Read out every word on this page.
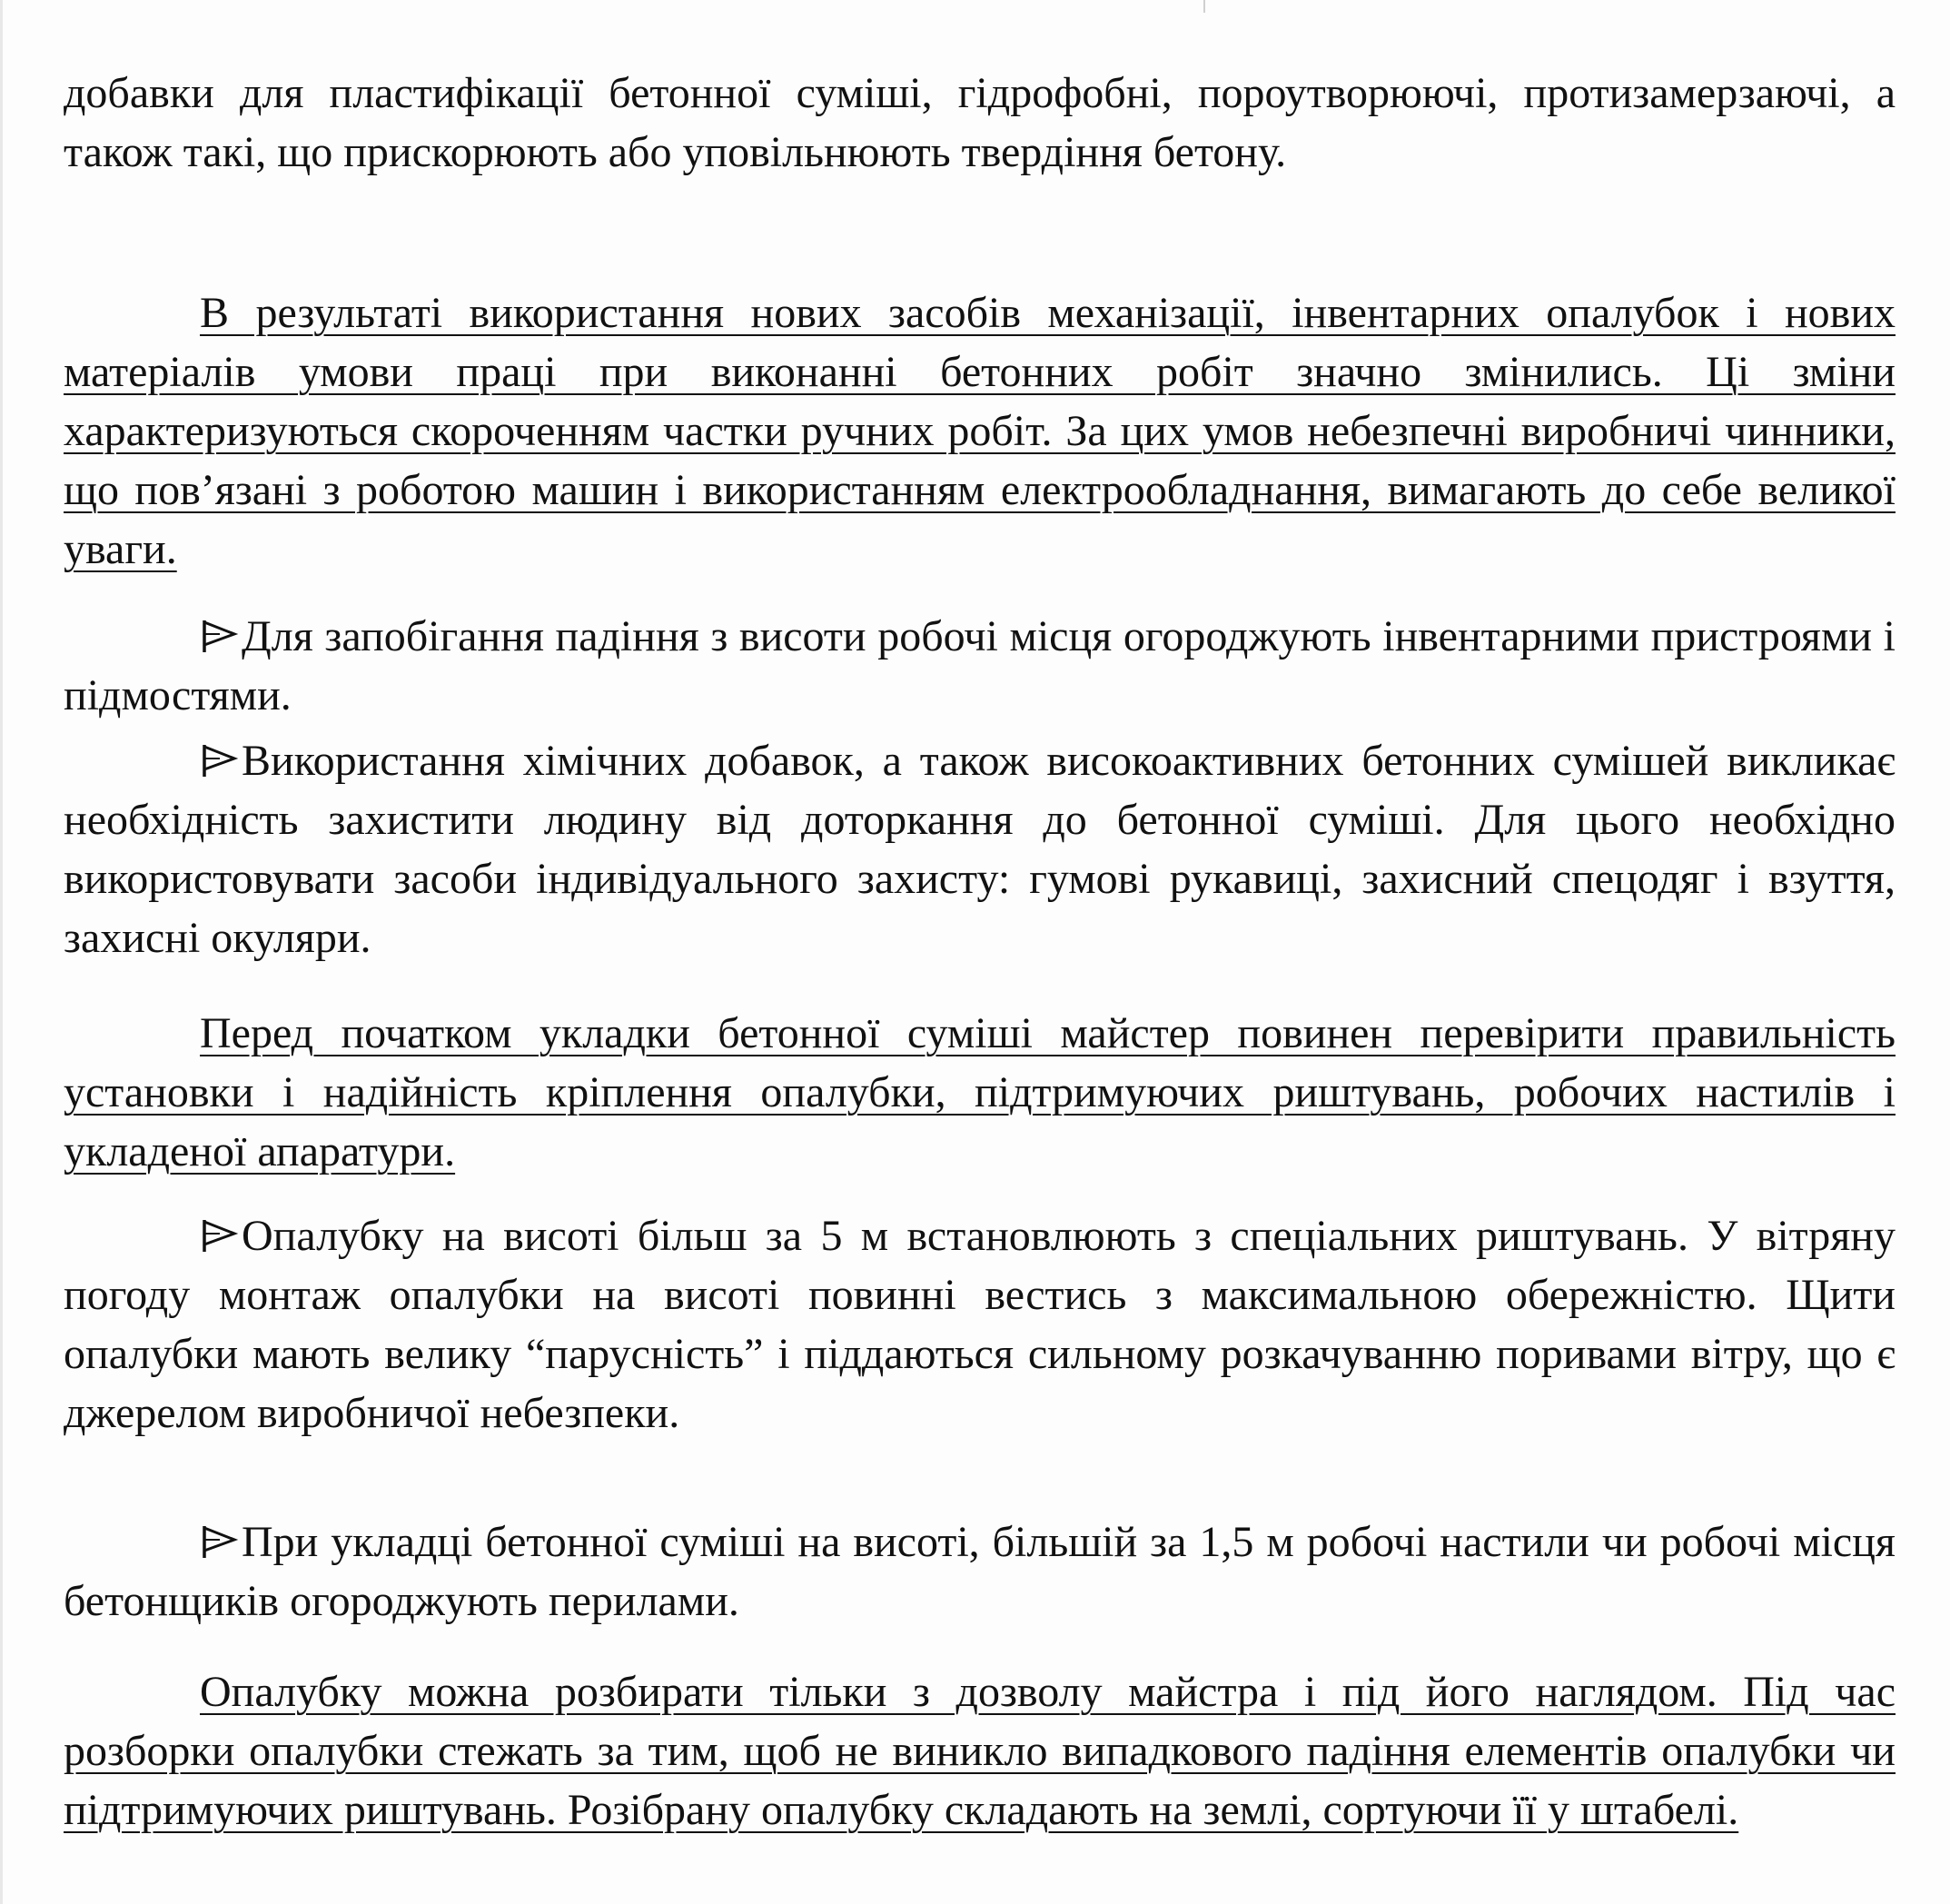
добавки для пластифікації бетонної суміші, гідрофобні, пороутворюючі, протизамерзаючі, а також такі, що прискорюють або уповільнюють твердіння бетону.

В результаті використання нових засобів механізації, інвентарних опалубок і нових матеріалів умови праці при виконанні бетонних робіт значно змінились. Ці зміни характеризуються скороченням частки ручних робіт. За цих умов небезпечні виробничі чинники, що пов’язані з роботою машин і використанням електрообладнання, вимагають до себе великої уваги.

Для запобігання падіння з висоти робочі місця огороджують інвентарними пристроями і підмостями.

Використання хімічних добавок, а також високоактивних бетонних сумішей викликає необхідність захистити людину від доторкання до бетонної суміші. Для цього необхідно використовувати засоби індивідуального захисту: гумові рукавиці, захисний спецодяг і взуття, захисні окуляри.

Перед початком укладки бетонної суміші майстер повинен перевірити правильність установки і надійність кріплення опалубки, підтримуючих риштувань, робочих настилів і укладеної апаратури.

Опалубку на висоті більш за 5 м встановлюють з спеціальних риштувань. У вітряну погоду монтаж опалубки на висоті повинні вестись з максимальною обережністю. Щити опалубки мають велику “парусність” і піддаються сильному розкачуванню поривами вітру, що є джерелом виробничої небезпеки.

При укладці бетонної суміші на висоті, більшій за 1,5 м робочі настили чи робочі місця бетонщиків огороджують перилами.

Опалубку можна розбирати тільки з дозволу майстра і під його наглядом. Під час розборки опалубки стежать за тим, щоб не виникло випадкового падіння елементів опалубки чи підтримуючих риштувань. Розібрану опалубку складають на землі, сортуючи її у штабелі.
